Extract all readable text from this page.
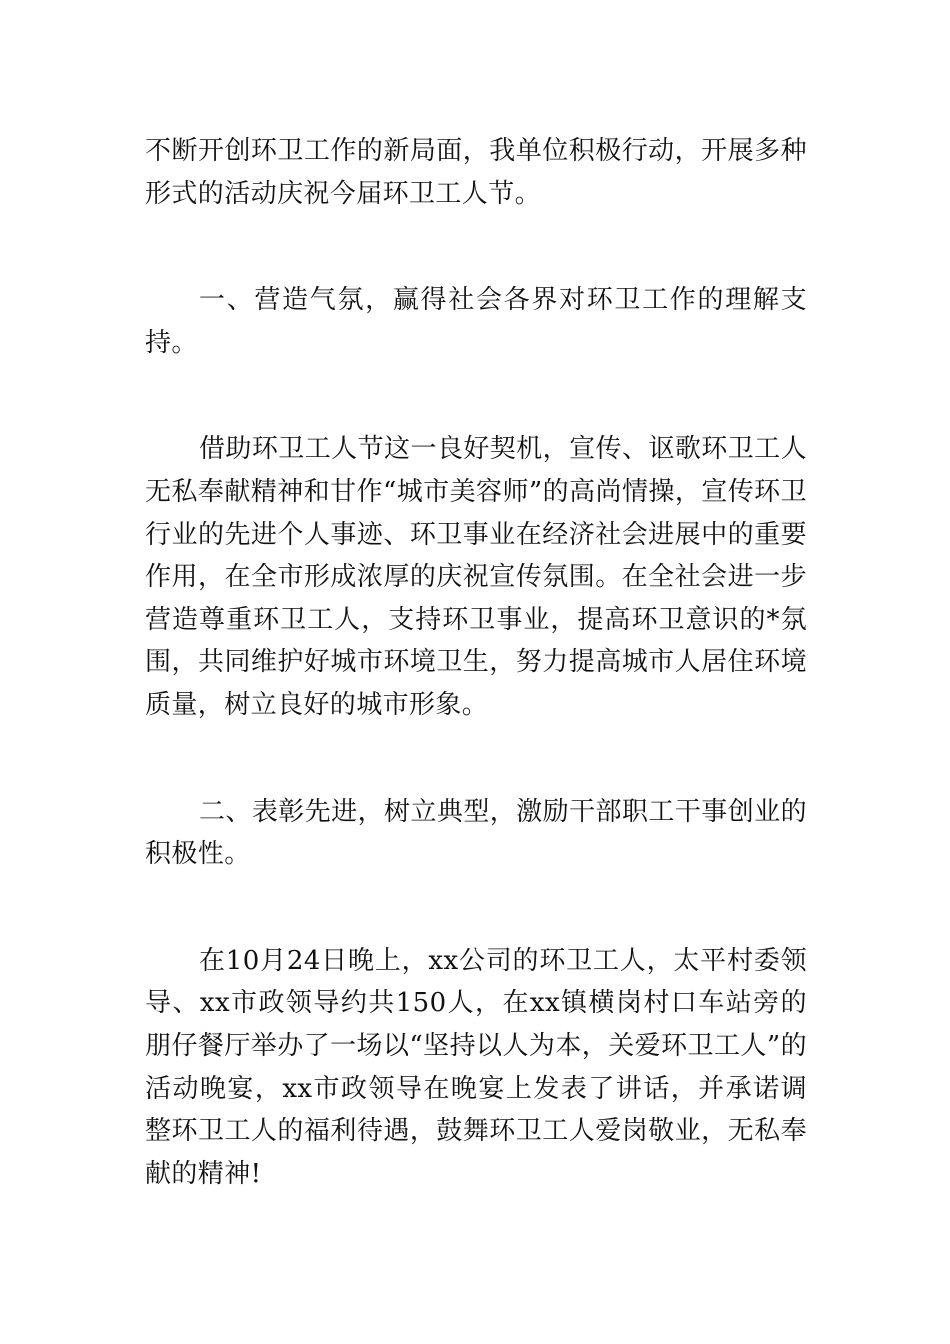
不断开创环卫工作的新局面，我单位积极行动，开展多种形式的活动庆祝今届环卫工人节。

一、营造气氛，赢得社会各界对环卫工作的理解支持。

借助环卫工人节这一良好契机，宣传、讴歌环卫工人无私奉献精神和甘作“城市美容师”的高尚情操，宣传环卫行业的先进个人事迹、环卫事业在经济社会进展中的重要作用，在全市形成浓厚的庆祝宣传氛围。在全社会进一步营造尊重环卫工人，支持环卫事业，提高环卫意识的*氛围，共同维护好城市环境卫生，努力提高城市人居住环境质量，树立良好的城市形象。

二、表彰先进，树立典型，激励干部职工干事创业的积极性。

在10月24日晚上，xx公司的环卫工人，太平村委领导、xx市政领导约共150人，在xx镇横岗村口车站旁的朋仔餐厅举办了一场以“坚持以人为本，关爱环卫工人”的活动晚宴，xx市政领导在晚宴上发表了讲话，并承诺调整环卫工人的福利待遇，鼓舞环卫工人爱岗敬业，无私奉献的精神!
